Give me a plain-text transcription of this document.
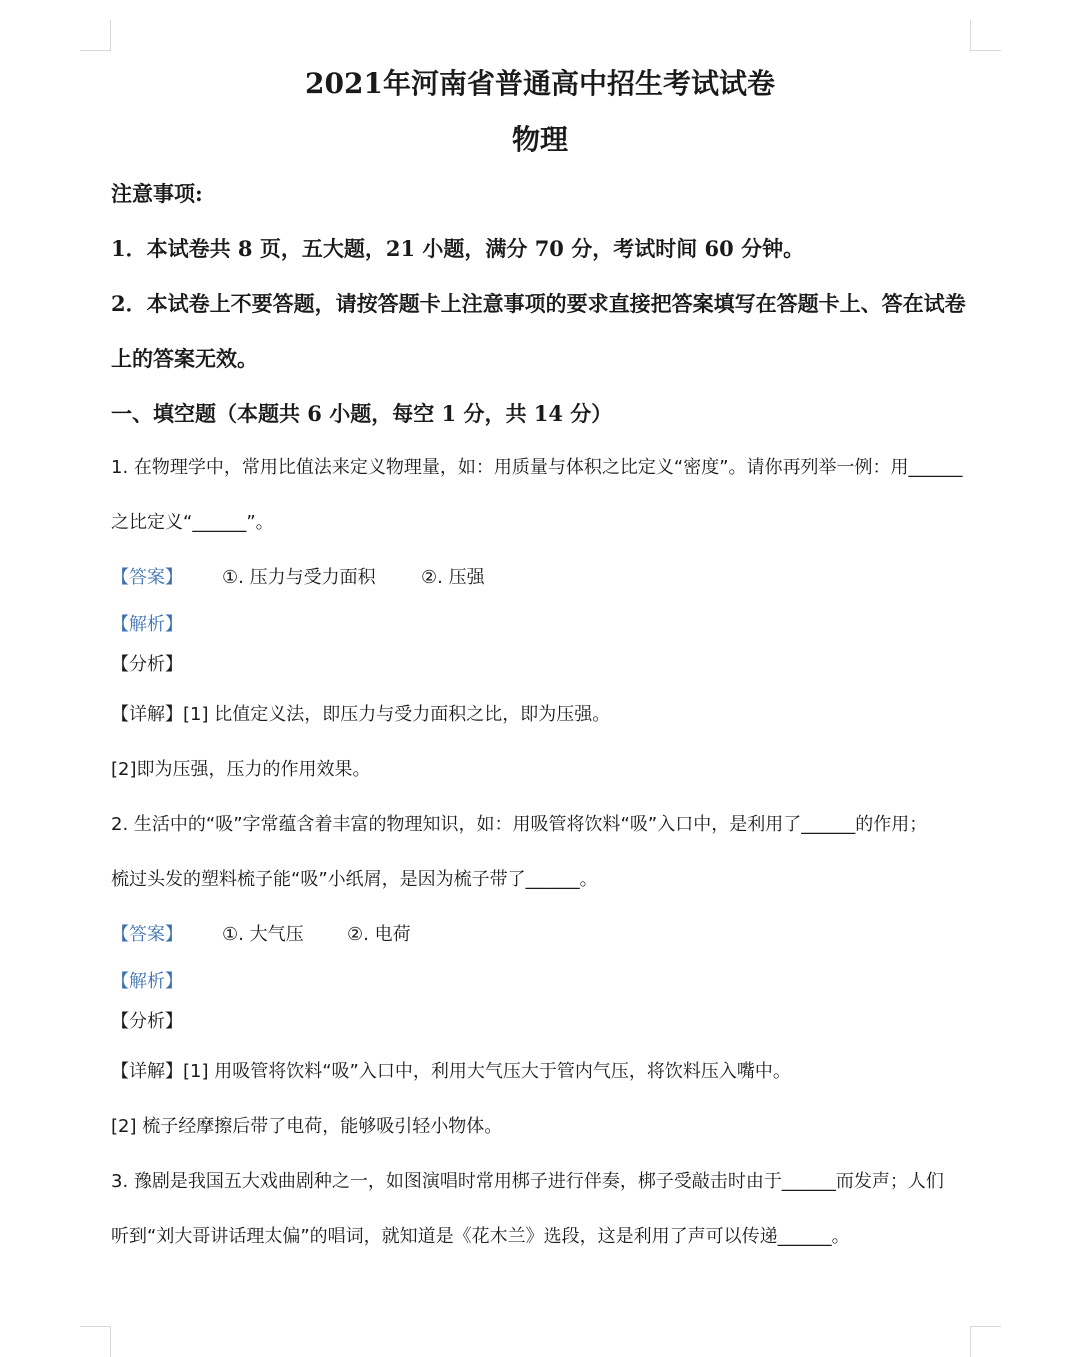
2021年河南省普通高中招生考试试卷
物理
注意事项:
1．本试卷共 8 页，五大题，21 小题，满分 70 分，考试时间 60 分钟。
2．本试卷上不要答题，请按答题卡上注意事项的要求直接把答案填写在答题卡上、答在试卷
上的答案无效。
一、填空题（本题共 6 小题，每空 1 分，共 14 分）
1. 在物理学中，常用比值法来定义物理量，如：用质量与体积之比定义“密度”。请你再列举一例：用______
之比定义“______”。
【答案】 ①. 压力与受力面积	②. 压强
【解析】
【分析】
【详解】[1] 比值定义法，即压力与受力面积之比，即为压强。
[2]即为压强，压力的作用效果。
2. 生活中的“吸”字常蕴含着丰富的物理知识，如：用吸管将饮料“吸”入口中，是利用了______的作用；
梳过头发的塑料梳子能“吸”小纸屑，是因为梳子带了______。
【答案】 ①. 大气压 ②. 电荷
【解析】
【分析】
【详解】[1] 用吸管将饮料“吸”入口中，利用大气压大于管内气压，将饮料压入嘴中。
[2] 梳子经摩擦后带了电荷，能够吸引轻小物体。
3. 豫剧是我国五大戏曲剧种之一，如图演唱时常用梆子进行伴奏，梆子受敲击时由于______而发声；人们
听到“刘大哥讲话理太偏”的唱词，就知道是《花木兰》选段，这是利用了声可以传递______。
